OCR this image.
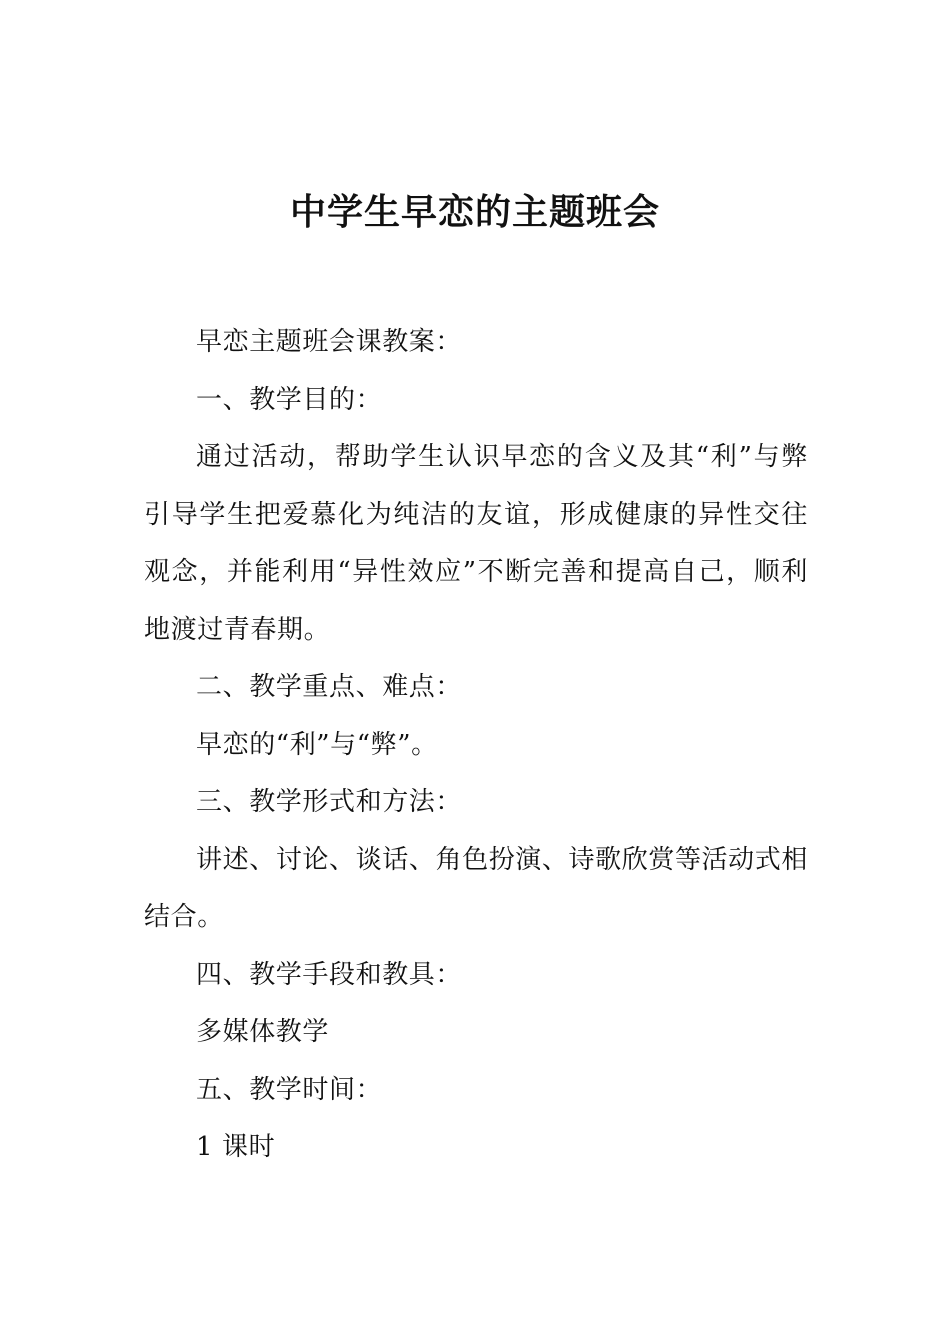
中学生早恋的主题班会

早恋主题班会课教案：

一、教学目的：

通过活动，帮助学生认识早恋的含义及其“利”与弊引导学生把爱慕化为纯洁的友谊，形成健康的异性交往观念，并能利用“异性效应”不断完善和提高自己，顺利地渡过青春期。

二、教学重点、难点：

早恋的“利”与“弊”。

三、教学形式和方法：

讲述、讨论、谈话、角色扮演、诗歌欣赏等活动式相结合。

四、教学手段和教具：

多媒体教学

五、教学时间：

1 课时
